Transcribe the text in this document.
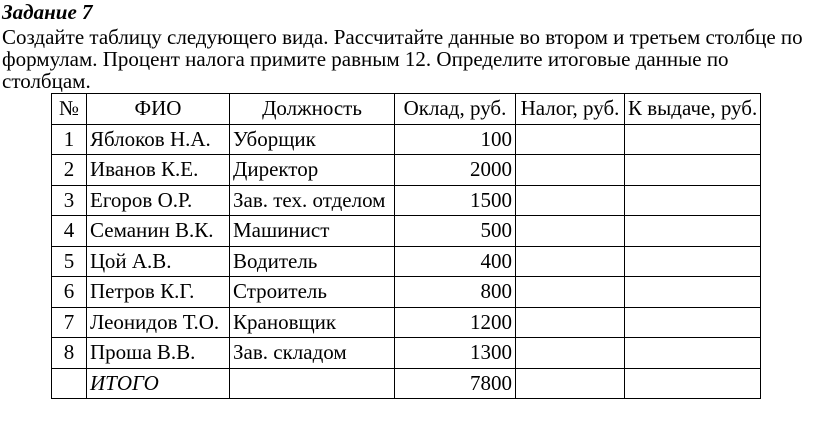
Задание 7
Создайте таблицу следующего вида. Рассчитайте данные во втором и третьем столбце по
формулам. Процент налога примите равным 12. Определите итоговые данные по
столбцам.
№	ФИО	Должность	Оклад, руб.	Налог, руб.	К выдаче, руб.
1	Яблоков Н.А.	Уборщик	100		
2	Иванов К.Е.	Директор	2000		
3	Егоров О.Р.	Зав. тех. отделом	1500		
4	Семанин В.К.	Машинист	500		
5	Цой А.В.	Водитель	400		
6	Петров К.Г.	Строитель	800		
7	Леонидов Т.О.	Крановщик	1200		
8	Проша В.В.	Зав. складом	1300		
	ИТОГО		7800		
